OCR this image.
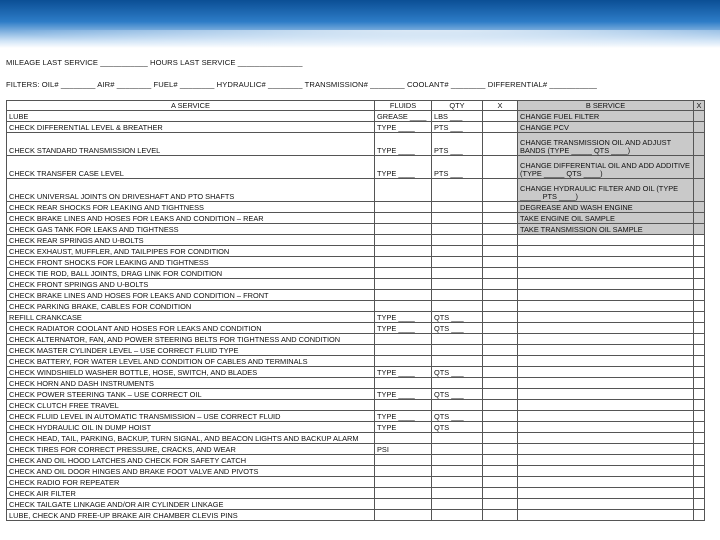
MILEAGE LAST SERVICE ___________ HOURS LAST SERVICE _______________
FILTERS: OIL# ________ AIR# ________ FUEL# ________ HYDRAULIC# ________ TRANSMISSION# ________ COOLANT# ________ DIFFERENTIAL# ___________
A SERVICE	FLUIDS	QTY	X	B SERVICE	X
LUBE	GREASE ____	LBS ___		CHANGE FUEL FILTER	
CHECK DIFFERENTIAL LEVEL & BREATHER	TYPE ____	PTS ___		CHANGE PCV	
CHECK STANDARD TRANSMISSION LEVEL	TYPE ____	PTS ___		CHANGE TRANSMISSION OIL AND ADJUST BANDS (TYPE _____ QTS ____)	
CHECK TRANSFER CASE LEVEL	TYPE ____	PTS ___		CHANGE DIFFERENTIAL OIL AND ADD ADDITIVE (TYPE _____ QTS ____)	
CHECK UNIVERSAL JOINTS ON DRIVESHAFT AND PTO SHAFTS				CHANGE HYDRAULIC FILTER AND OIL (TYPE _____ PTS ____)	
CHECK REAR SHOCKS FOR LEAKING AND TIGHTNESS				DEGREASE AND WASH ENGINE	
CHECK BRAKE LINES AND HOSES FOR LEAKS AND CONDITION – REAR				TAKE ENGINE OIL SAMPLE	
CHECK GAS TANK FOR LEAKS AND TIGHTNESS				TAKE TRANSMISSION OIL SAMPLE	
CHECK REAR SPRINGS AND U-BOLTS					
CHECK EXHAUST, MUFFLER, AND TAILPIPES FOR CONDITION					
CHECK FRONT SHOCKS FOR LEAKING AND TIGHTNESS					
CHECK TIE ROD, BALL JOINTS, DRAG LINK FOR CONDITION					
CHECK FRONT SPRINGS AND U-BOLTS					
CHECK BRAKE LINES AND HOSES FOR LEAKS AND CONDITION – FRONT					
CHECK PARKING BRAKE, CABLES FOR CONDITION					
REFILL CRANKCASE	TYPE ____	QTS ___			
CHECK RADIATOR COOLANT AND HOSES FOR LEAKS AND CONDITION	TYPE ____	QTS ___			
CHECK ALTERNATOR, FAN, AND POWER STEERING BELTS FOR TIGHTNESS AND CONDITION					
CHECK MASTER CYLINDER LEVEL – USE CORRECT FLUID TYPE					
CHECK BATTERY, FOR WATER LEVEL AND CONDITION OF CABLES AND TERMINALS					
CHECK WINDSHIELD WASHER BOTTLE, HOSE, SWITCH, AND BLADES	TYPE ____	QTS ___			
CHECK HORN AND DASH INSTRUMENTS					
CHECK POWER STEERING TANK – USE CORRECT OIL	TYPE ____	QTS ___			
CHECK CLUTCH FREE TRAVEL					
CHECK FLUID LEVEL IN AUTOMATIC TRANSMISSION – USE CORRECT FLUID	TYPE ____	QTS ___			
CHECK HYDRAULIC OIL IN DUMP HOIST	TYPE	QTS			
CHECK HEAD, TAIL, PARKING, BACKUP, TURN SIGNAL, AND BEACON LIGHTS AND BACKUP ALARM					
CHECK TIRES FOR CORRECT PRESSURE, CRACKS, AND WEAR	PSI				
CHECK AND OIL HOOD LATCHES AND CHECK FOR SAFETY CATCH					
CHECK AND OIL DOOR HINGES AND BRAKE FOOT VALVE AND PIVOTS					
CHECK RADIO FOR REPEATER					
CHECK AIR FILTER					
CHECK TAILGATE LINKAGE AND/OR AIR CYLINDER LINKAGE					
LUBE, CHECK AND FREE-UP BRAKE AIR CHAMBER CLEVIS PINS					
